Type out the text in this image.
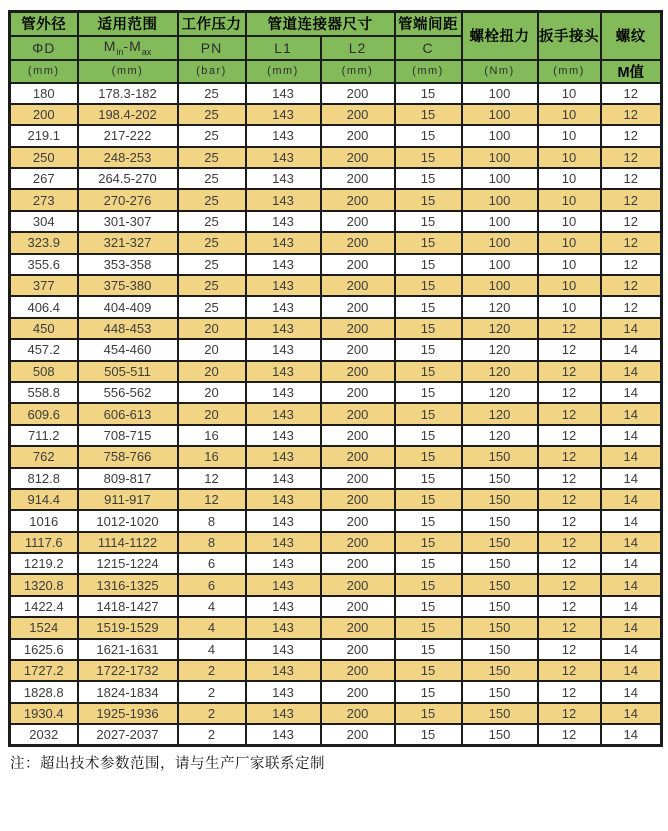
管外径	适用范围	工作压力	管道连接器尺寸		管端间距	螺栓扭力	扳手接头	螺纹
ΦD	$M_{in}-M_{ax}$	PN	L1	L2	C			
(mm)	(mm)	(bar)	(mm)	(mm)	(mm)	(Nm)	(mm)	M值
180	178.3-182	25	143	200	15	100	10	12
200	198.4-202	25	143	200	15	100	10	12
219.1	217-222	25	143	200	15	100	10	12
250	248-253	25	143	200	15	100	10	12
267	264.5-270	25	143	200	15	100	10	12
273	270-276	25	143	200	15	100	10	12
304	301-307	25	143	200	15	100	10	12
323.9	321-327	25	143	200	15	100	10	12
355.6	353-358	25	143	200	15	100	10	12
377	375-380	25	143	200	15	100	10	12
406.4	404-409	25	143	200	15	120	10	12
450	448-453	20	143	200	15	120	12	14
457.2	454-460	20	143	200	15	120	12	14
508	505-511	20	143	200	15	120	12	14
558.8	556-562	20	143	200	15	120	12	14
609.6	606-613	20	143	200	15	120	12	14
711.2	708-715	16	143	200	15	120	12	14
762	758-766	16	143	200	15	150	12	14
812.8	809-817	12	143	200	15	150	12	14
914.4	911-917	12	143	200	15	150	12	14
1016	1012-1020	8	143	200	15	150	12	14
1117.6	1114-1122	8	143	200	15	150	12	14
1219.2	1215-1224	6	143	200	15	150	12	14
1320.8	1316-1325	6	143	200	15	150	12	14
1422.4	1418-1427	4	143	200	15	150	12	14
1524	1519-1529	4	143	200	15	150	12	14
1625.6	1621-1631	4	143	200	15	150	12	14
1727.2	1722-1732	2	143	200	15	150	12	14
1828.8	1824-1834	2	143	200	15	150	12	14
1930.4	1925-1936	2	143	200	15	150	12	14
2032	2027-2037	2	143	200	15	150	12	14
注：超出技术参数范围，请与生产厂家联系定制
